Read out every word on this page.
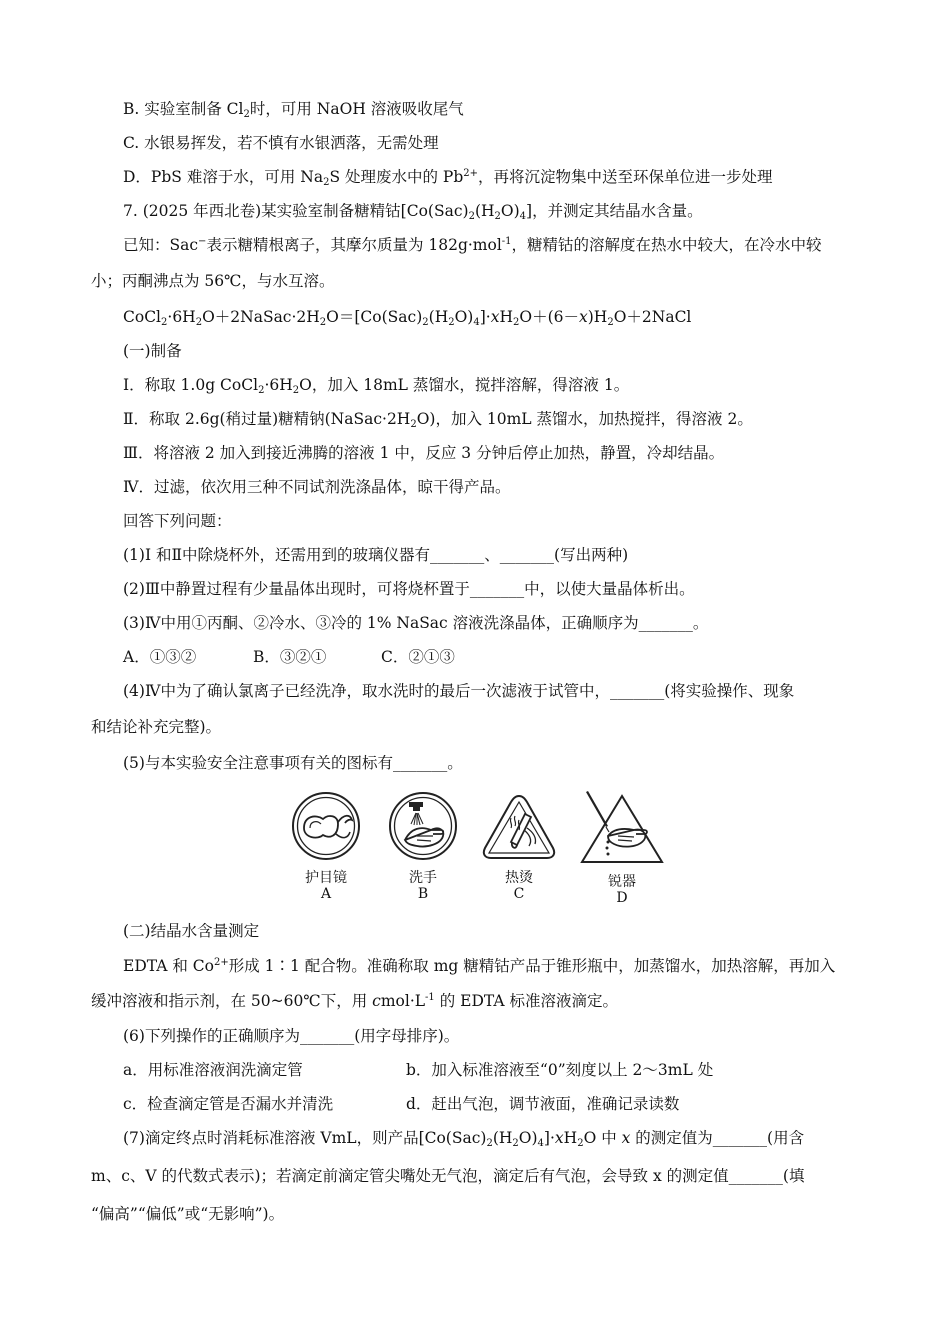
B. 实验室制备 $Cl_2$时，可用 NaOH 溶液吸收尾气
C. 水银易挥发，若不慎有水银洒落，无需处理
D．PbS 难溶于水，可用 $Na_2S$ 处理废水中的 $Pb^{2+}$，再将沉淀物集中送至环保单位进一步处理
7. (2025 年西北卷)某实验室制备糖精钴$[Co(Sac)_2(H_2O)_4]$，并测定其结晶水含量。
已知：Sac−表示糖精根离子，其摩尔质量为 182g·mol$^{-1}$，糖精钴的溶解度在热水中较大，在冷水中较
小；丙酮沸点为 56℃，与水互溶。
$CoCl_2\cdot 6H_2O+2NaSac\cdot 2H_2O=[Co(Sac)_2(H_2O)_4]\cdot xH_2O+(6-x)H_2O+2NaCl$
(一)制备
I．称取 1.0g $CoCl_2\cdot 6H_2O$，加入 18mL 蒸馏水，搅拌溶解，得溶液 1。
Ⅱ．称取 2.6g(稍过量)糖精钠$(NaSac\cdot 2H_2O)$，加入 10mL 蒸馏水，加热搅拌，得溶液 2。
Ⅲ．将溶液 2 加入到接近沸腾的溶液 1 中，反应 3 分钟后停止加热，静置，冷却结晶。
Ⅳ．过滤，依次用三种不同试剂洗涤晶体，晾干得产品。
回答下列问题：
(1)I 和Ⅱ中除烧杯外，还需用到的玻璃仪器有_______、_______(写出两种)
(2)Ⅲ中静置过程有少量晶体出现时，可将烧杯置于_______中，以使大量晶体析出。
(3)Ⅳ中用①丙酮、②冷水、③冷的 1% NaSac 溶液洗涤晶体，正确顺序为_______。
A．①③②	B．③②①	C．②①③
(4)Ⅳ中为了确认氯离子已经洗净，取水洗时的最后一次滤液于试管中，_______(将实验操作、现象
和结论补充完整)。
(5)与本实验安全注意事项有关的图标有_______。
护目镜
A
洗手
B
热烫
C
锐器
D
(二)结晶水含量测定
EDTA 和 $Co^{2+}$形成 1∶1 配合物。准确称取 mg 糖精钴产品于锥形瓶中，加蒸馏水，加热溶解，再加入
缓冲溶液和指示剂，在 50~60℃下，用 $cmol\cdot L^{-1}$ 的 EDTA 标准溶液滴定。
(6)下列操作的正确顺序为_______(用字母排序)。
a．用标准溶液润洗滴定管	b．加入标准溶液至“0”刻度以上 2～3mL 处
c．检查滴定管是否漏水并清洗	d．赶出气泡，调节液面，准确记录读数
(7)滴定终点时消耗标准溶液 VmL，则产品$[Co(Sac)_2(H_2O)_4]\cdot xH_2O$ 中 x 的测定值为_______(用含
m、c、V 的代数式表示)；若滴定前滴定管尖嘴处无气泡，滴定后有气泡，会导致 x 的测定值_______(填
“偏高”“偏低”或“无影响”)。
